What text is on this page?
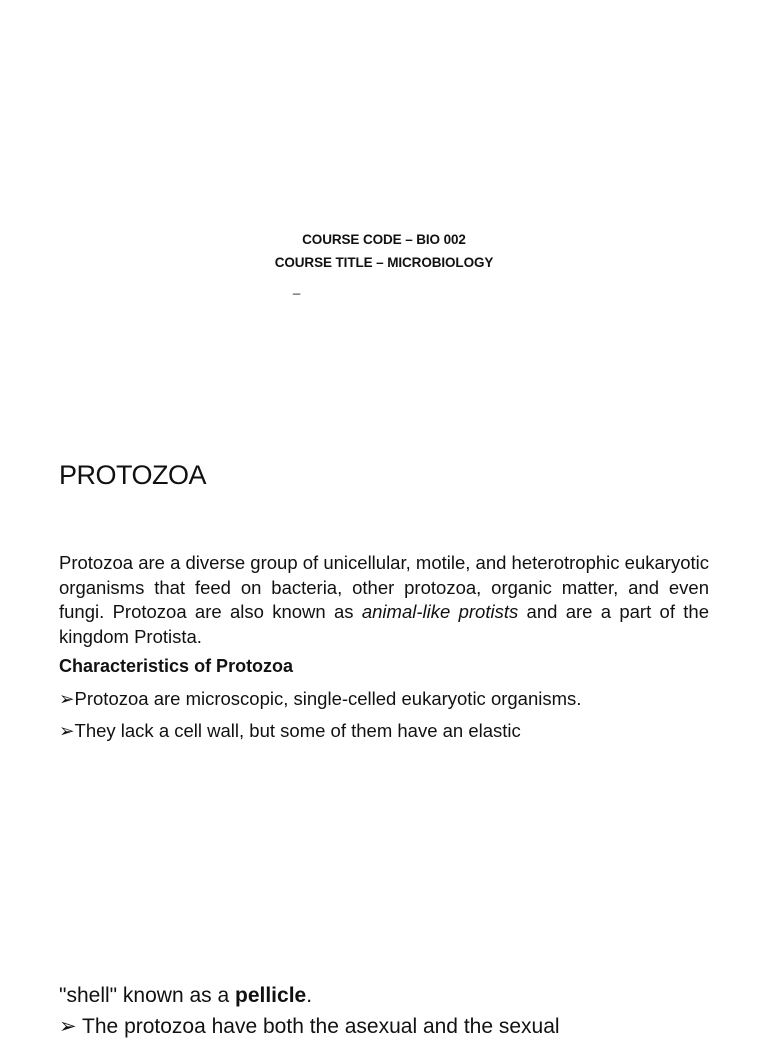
COURSE CODE – BIO 002
COURSE TITLE – MICROBIOLOGY
_
PROTOZOA
Protozoa are a diverse group of unicellular, motile, and heterotrophic eukaryotic organisms that feed on bacteria, other protozoa, organic matter, and even fungi. Protozoa are also known as animal-like protists and are a part of the kingdom Protista.
Characteristics of Protozoa
➢Protozoa are microscopic, single-celled eukaryotic organisms.
➢They lack a cell wall, but some of them have an elastic
"shell" known as a pellicle.
➢ The protozoa have both the asexual and the sexual
